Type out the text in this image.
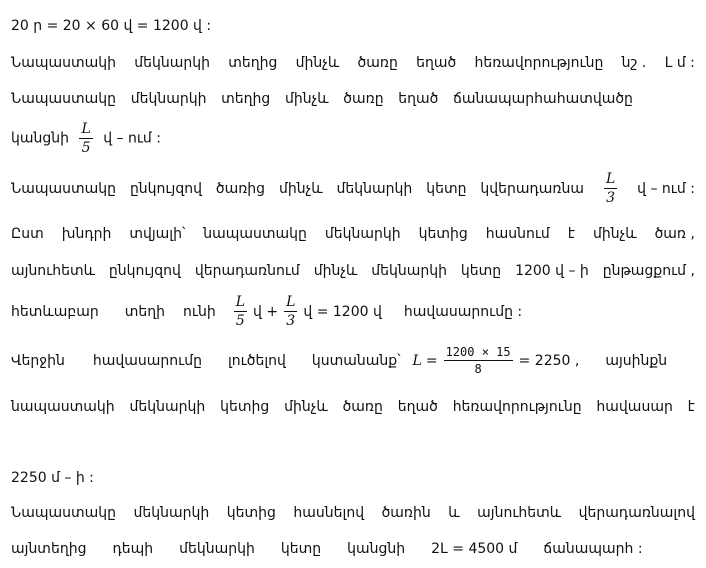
20 ր = 20 × 60 վ = 1200 վ :
Նապաստակի մեկնարկի տեղից մինչև ծառը եղած հեռավորությունը նշ . L մ :
Նապաստակը մեկնարկի տեղից մինչև ծառը եղած ճանապարհահատվածը
կանցնի $\frac{L}{5}$ վ – ում :
Նապաստակը ընկույզով ծառից մինչև մեկնարկի կետը կվերադառնա $\frac{L}{3}$ վ – ում :
Ըստ խնդրի տվյալի՝ նապաստակը մեկնարկի կետից հասնում է մինչև ծառ ,
այնուհետև ընկույզով վերադառնում մինչև մեկնարկի կետը 1200 վ – ի ընթացքում ,
հետևաբար տեղի ունի $\frac{L}{5}$ վ + $\frac{L}{3}$ վ = 1200 վ հավասարումը :
Վերջին հավասարումը լուծելով կստանանք՝ $L = \frac{1200 \times 15}{8} = 2250$ , այսինքն
նապաստակի մեկնարկի կետից մինչև ծառը եղած հեռավորությունը հավասար է
2250 մ – ի :
Նապաստակը մեկնարկի կետից հասնելով ծառին և այնուհետև վերադառնալով
այնտեղից դեպի մեկնարկի կետը կանցնի 2L = 4500 մ ճանապարհ :
